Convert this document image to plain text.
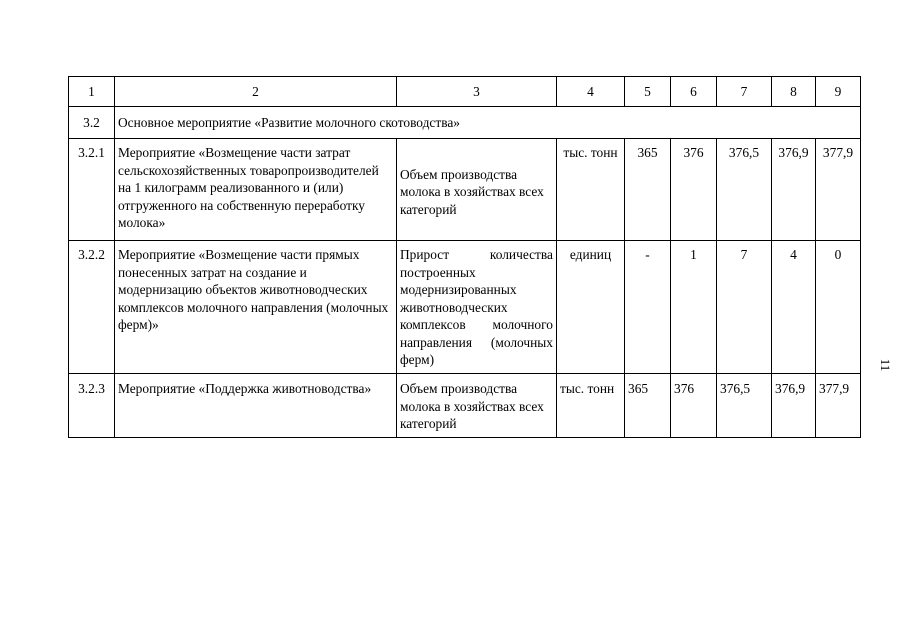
1	2	3	4	5	6	7	8	9
3.2	Основное мероприятие «Развитие молочного скотоводства»							
3.2.1	Мероприятие «Возмещение части затрат сельскохозяйственных товаропроизводителей на 1 килограмм реализованного и (или) отгруженного на собственную переработку молока»	Объем производства молока в хозяйствах всех категорий	тыс. тонн	365	376	376,5	376,9	377,9
3.2.2	Мероприятие «Возмещение части прямых понесенных затрат на создание и модернизацию объектов животноводческих комплексов молочного направления (молочных ферм)»	Прирост количества построенных модернизированных животноводческих комплексов молочного направления (молочных ферм)	единиц	-	1	7	4	0
3.2.3	Мероприятие «Поддержка животноводства»	Объем производства молока в хозяйствах всех категорий	тыс. тонн	365	376	376,5	376,9	377,9
11
